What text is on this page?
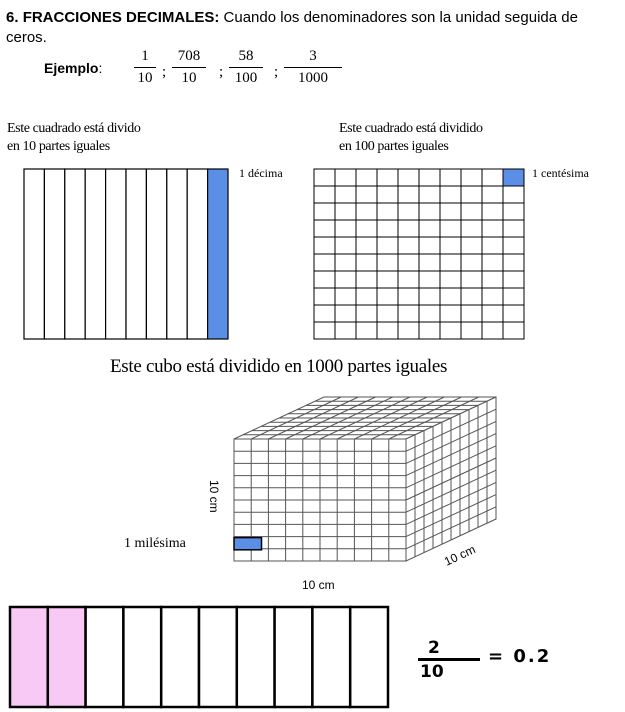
6. FRACCIONES DECIMALES: Cuando los denominadores son la unidad seguida de ceros.
Ejemplo:
1
10 ;
708
10	;
58
100	;
3
1000
Este cuadrado está divido
en 10 partes iguales
Este cuadrado está dividido
en 100 partes iguales
1 décima	1 centésima
Este cubo está dividido en 1000 partes iguales
10 cm
1 milésima
10 cm
10 cm
2
10
= 0.2
